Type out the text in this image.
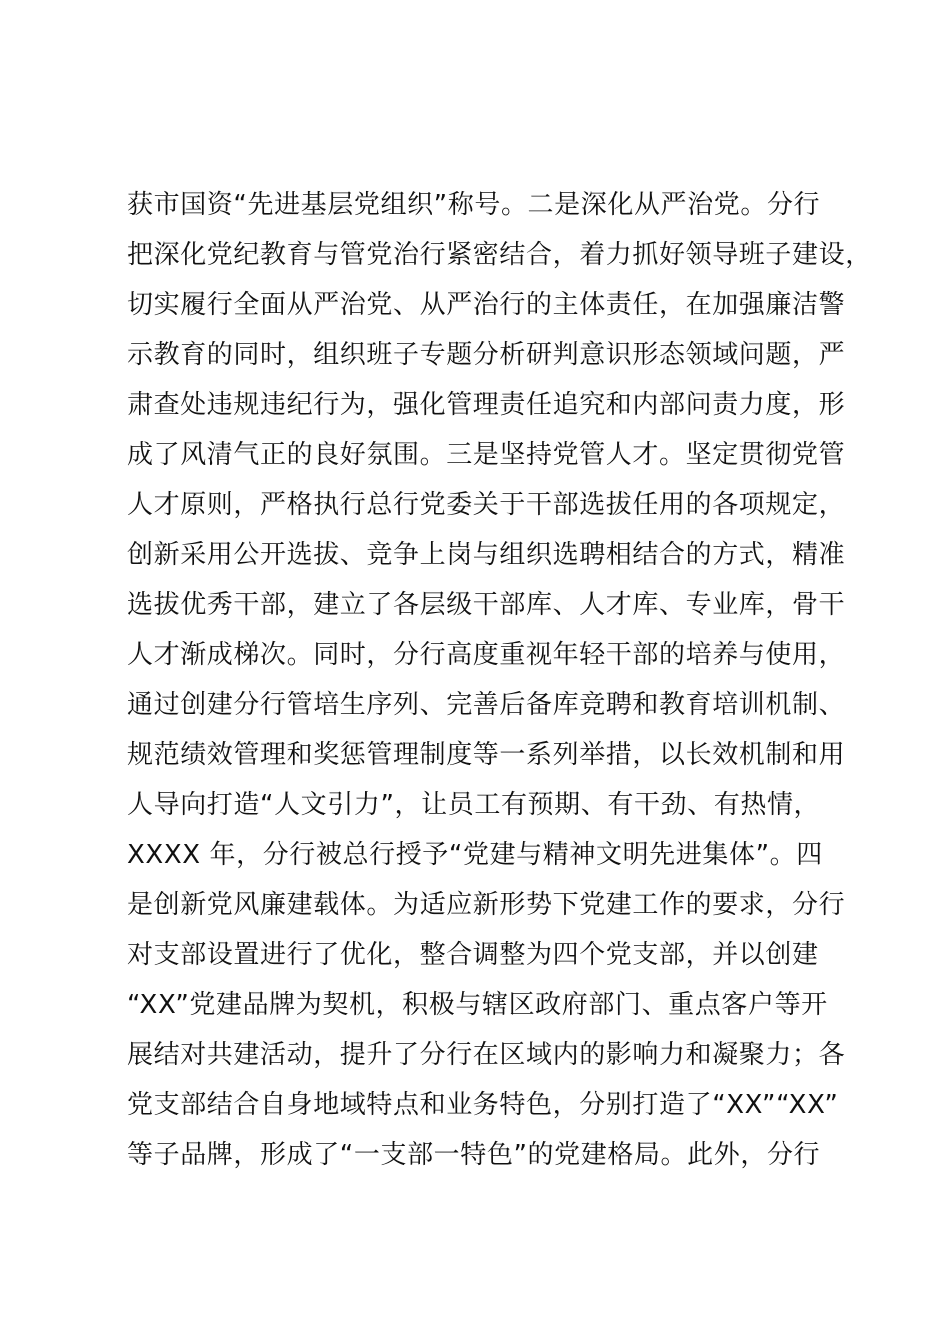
获市国资“先进基层党组织”称号。二是深化从严治党。分行
把深化党纪教育与管党治行紧密结合，着力抓好领导班子建设，
切实履行全面从严治党、从严治行的主体责任，在加强廉洁警
示教育的同时，组织班子专题分析研判意识形态领域问题，严
肃查处违规违纪行为，强化管理责任追究和内部问责力度，形
成了风清气正的良好氛围。三是坚持党管人才。坚定贯彻党管
人才原则，严格执行总行党委关于干部选拔任用的各项规定，
创新采用公开选拔、竞争上岗与组织选聘相结合的方式，精准
选拔优秀干部，建立了各层级干部库、人才库、专业库，骨干
人才渐成梯次。同时，分行高度重视年轻干部的培养与使用，
通过创建分行管培生序列、完善后备库竞聘和教育培训机制、
规范绩效管理和奖惩管理制度等一系列举措，以长效机制和用
人导向打造“人文引力”，让员工有预期、有干劲、有热情，
XXXX 年，分行被总行授予“党建与精神文明先进集体”。四
是创新党风廉建载体。为适应新形势下党建工作的要求，分行
对支部设置进行了优化，整合调整为四个党支部，并以创建
“XX”党建品牌为契机，积极与辖区政府部门、重点客户等开
展结对共建活动，提升了分行在区域内的影响力和凝聚力；各
党支部结合自身地域特点和业务特色，分别打造了“XX”“XX”
等子品牌，形成了“一支部一特色”的党建格局。此外，分行
